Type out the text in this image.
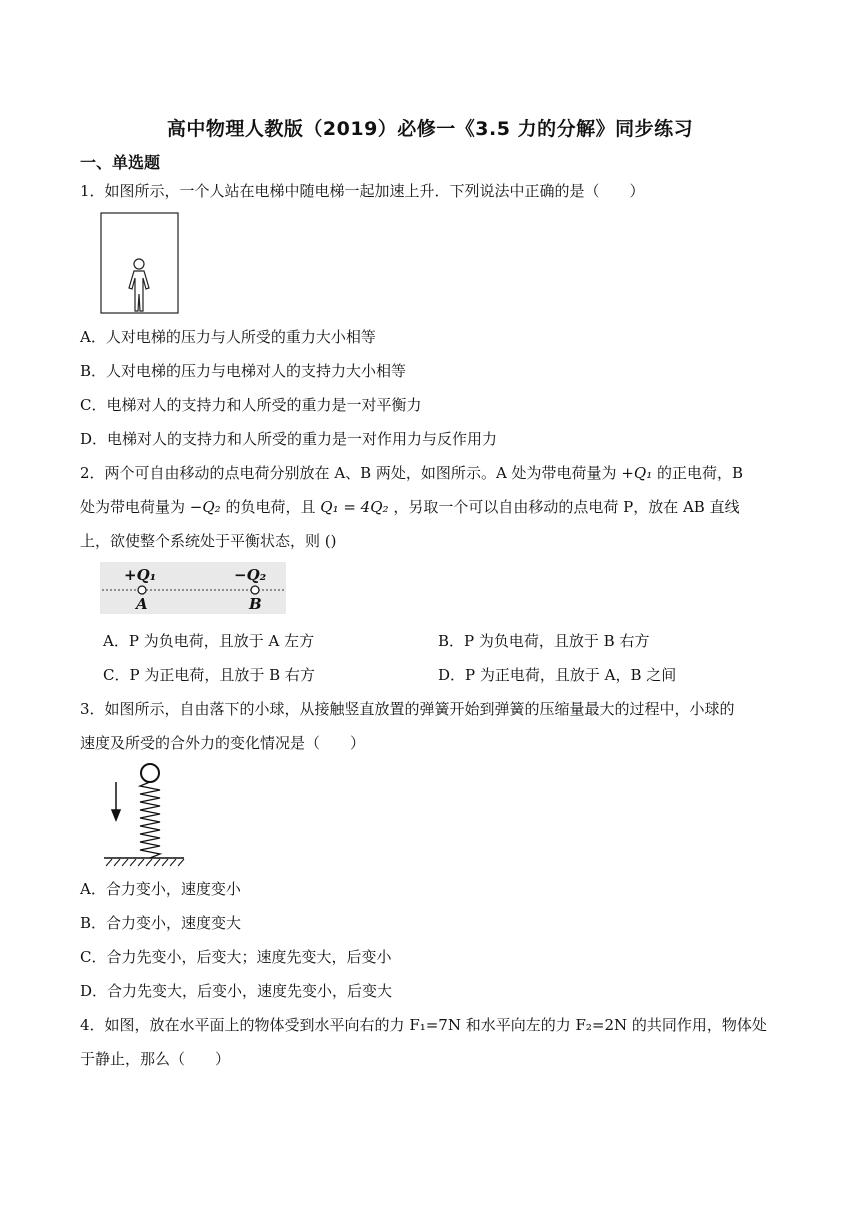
高中物理人教版（2019）必修一《3.5 力的分解》同步练习
一、单选题
1．如图所示，一个人站在电梯中随电梯一起加速上升．下列说法中正确的是（　　）
A．人对电梯的压力与人所受的重力大小相等
B．人对电梯的压力与电梯对人的支持力大小相等
C．电梯对人的支持力和人所受的重力是一对平衡力
D．电梯对人的支持力和人所受的重力是一对作用力与反作用力
2．两个可自由移动的点电荷分别放在 A、B 两处，如图所示。A 处为带电荷量为 +𝑄₁ 的正电荷，B
处为带电荷量为 −𝑄₂ 的负电荷，且 𝑄₁ = 4𝑄₂ ，另取一个可以自由移动的点电荷 P，放在 AB 直线
上，欲使整个系统处于平衡状态，则 ()
+Q₁	−Q₂
A	B
A．P 为负电荷，且放于 A 左方	B．P 为负电荷，且放于 B 右方
C．P 为正电荷，且放于 B 右方	D．P 为正电荷，且放于 A，B 之间
3．如图所示，自由落下的小球，从接触竖直放置的弹簧开始到弹簧的压缩量最大的过程中，小球的
速度及所受的合外力的变化情况是（　　）
A．合力变小，速度变小
B．合力变小，速度变大
C．合力先变小，后变大；速度先变大，后变小
D．合力先变大，后变小，速度先变小，后变大
4．如图，放在水平面上的物体受到水平向右的力 F₁=7N 和水平向左的力 F₂=2N 的共同作用，物体处
于静止，那么（　　）
